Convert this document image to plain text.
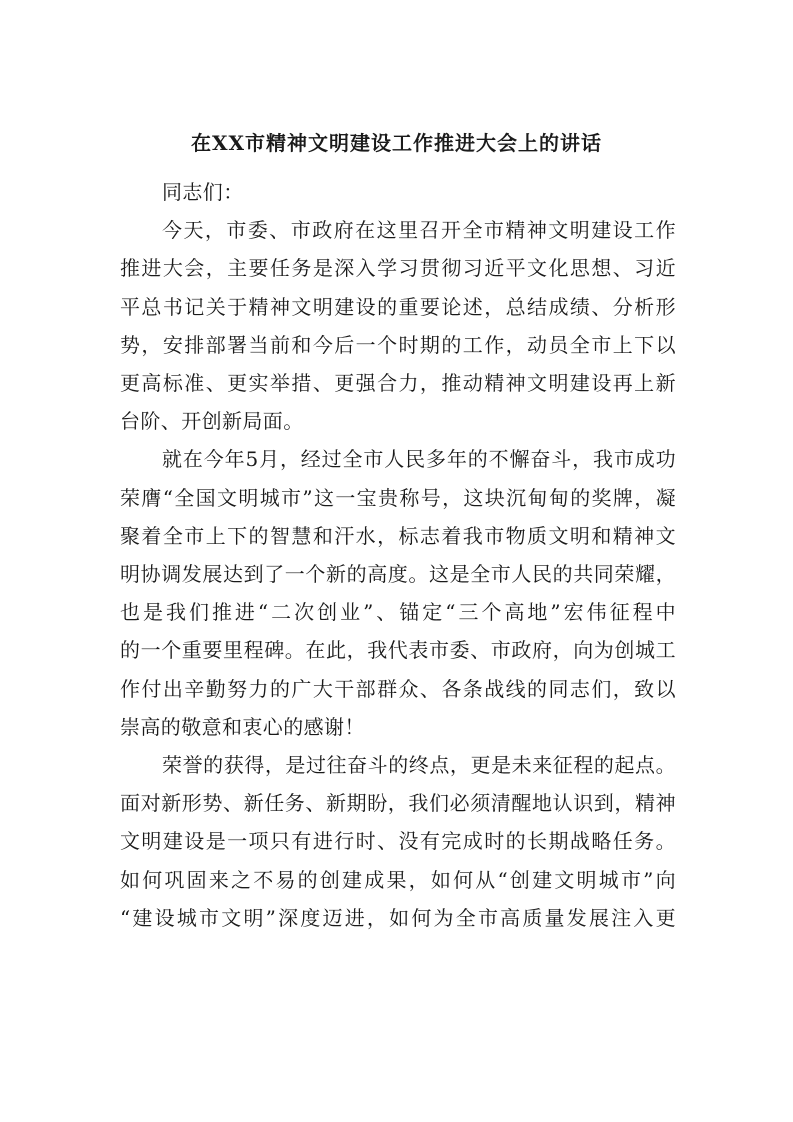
在XX市精神文明建设工作推进大会上的讲话
同志们：
今天，市委、市政府在这里召开全市精神文明建设工作
推进大会，主要任务是深入学习贯彻习近平文化思想、习近
平总书记关于精神文明建设的重要论述，总结成绩、分析形
势，安排部署当前和今后一个时期的工作，动员全市上下以
更高标准、更实举措、更强合力，推动精神文明建设再上新
台阶、开创新局面。
就在今年5月，经过全市人民多年的不懈奋斗，我市成功
荣膺“全国文明城市”这一宝贵称号，这块沉甸甸的奖牌，凝
聚着全市上下的智慧和汗水，标志着我市物质文明和精神文
明协调发展达到了一个新的高度。这是全市人民的共同荣耀，
也是我们推进“二次创业”、锚定“三个高地”宏伟征程中
的一个重要里程碑。在此，我代表市委、市政府，向为创城工
作付出辛勤努力的广大干部群众、各条战线的同志们，致以
崇高的敬意和衷心的感谢！
荣誉的获得，是过往奋斗的终点，更是未来征程的起点。
面对新形势、新任务、新期盼，我们必须清醒地认识到，精神
文明建设是一项只有进行时、没有完成时的长期战略任务。
如何巩固来之不易的创建成果，如何从“创建文明城市”向
“建设城市文明”深度迈进，如何为全市高质量发展注入更
